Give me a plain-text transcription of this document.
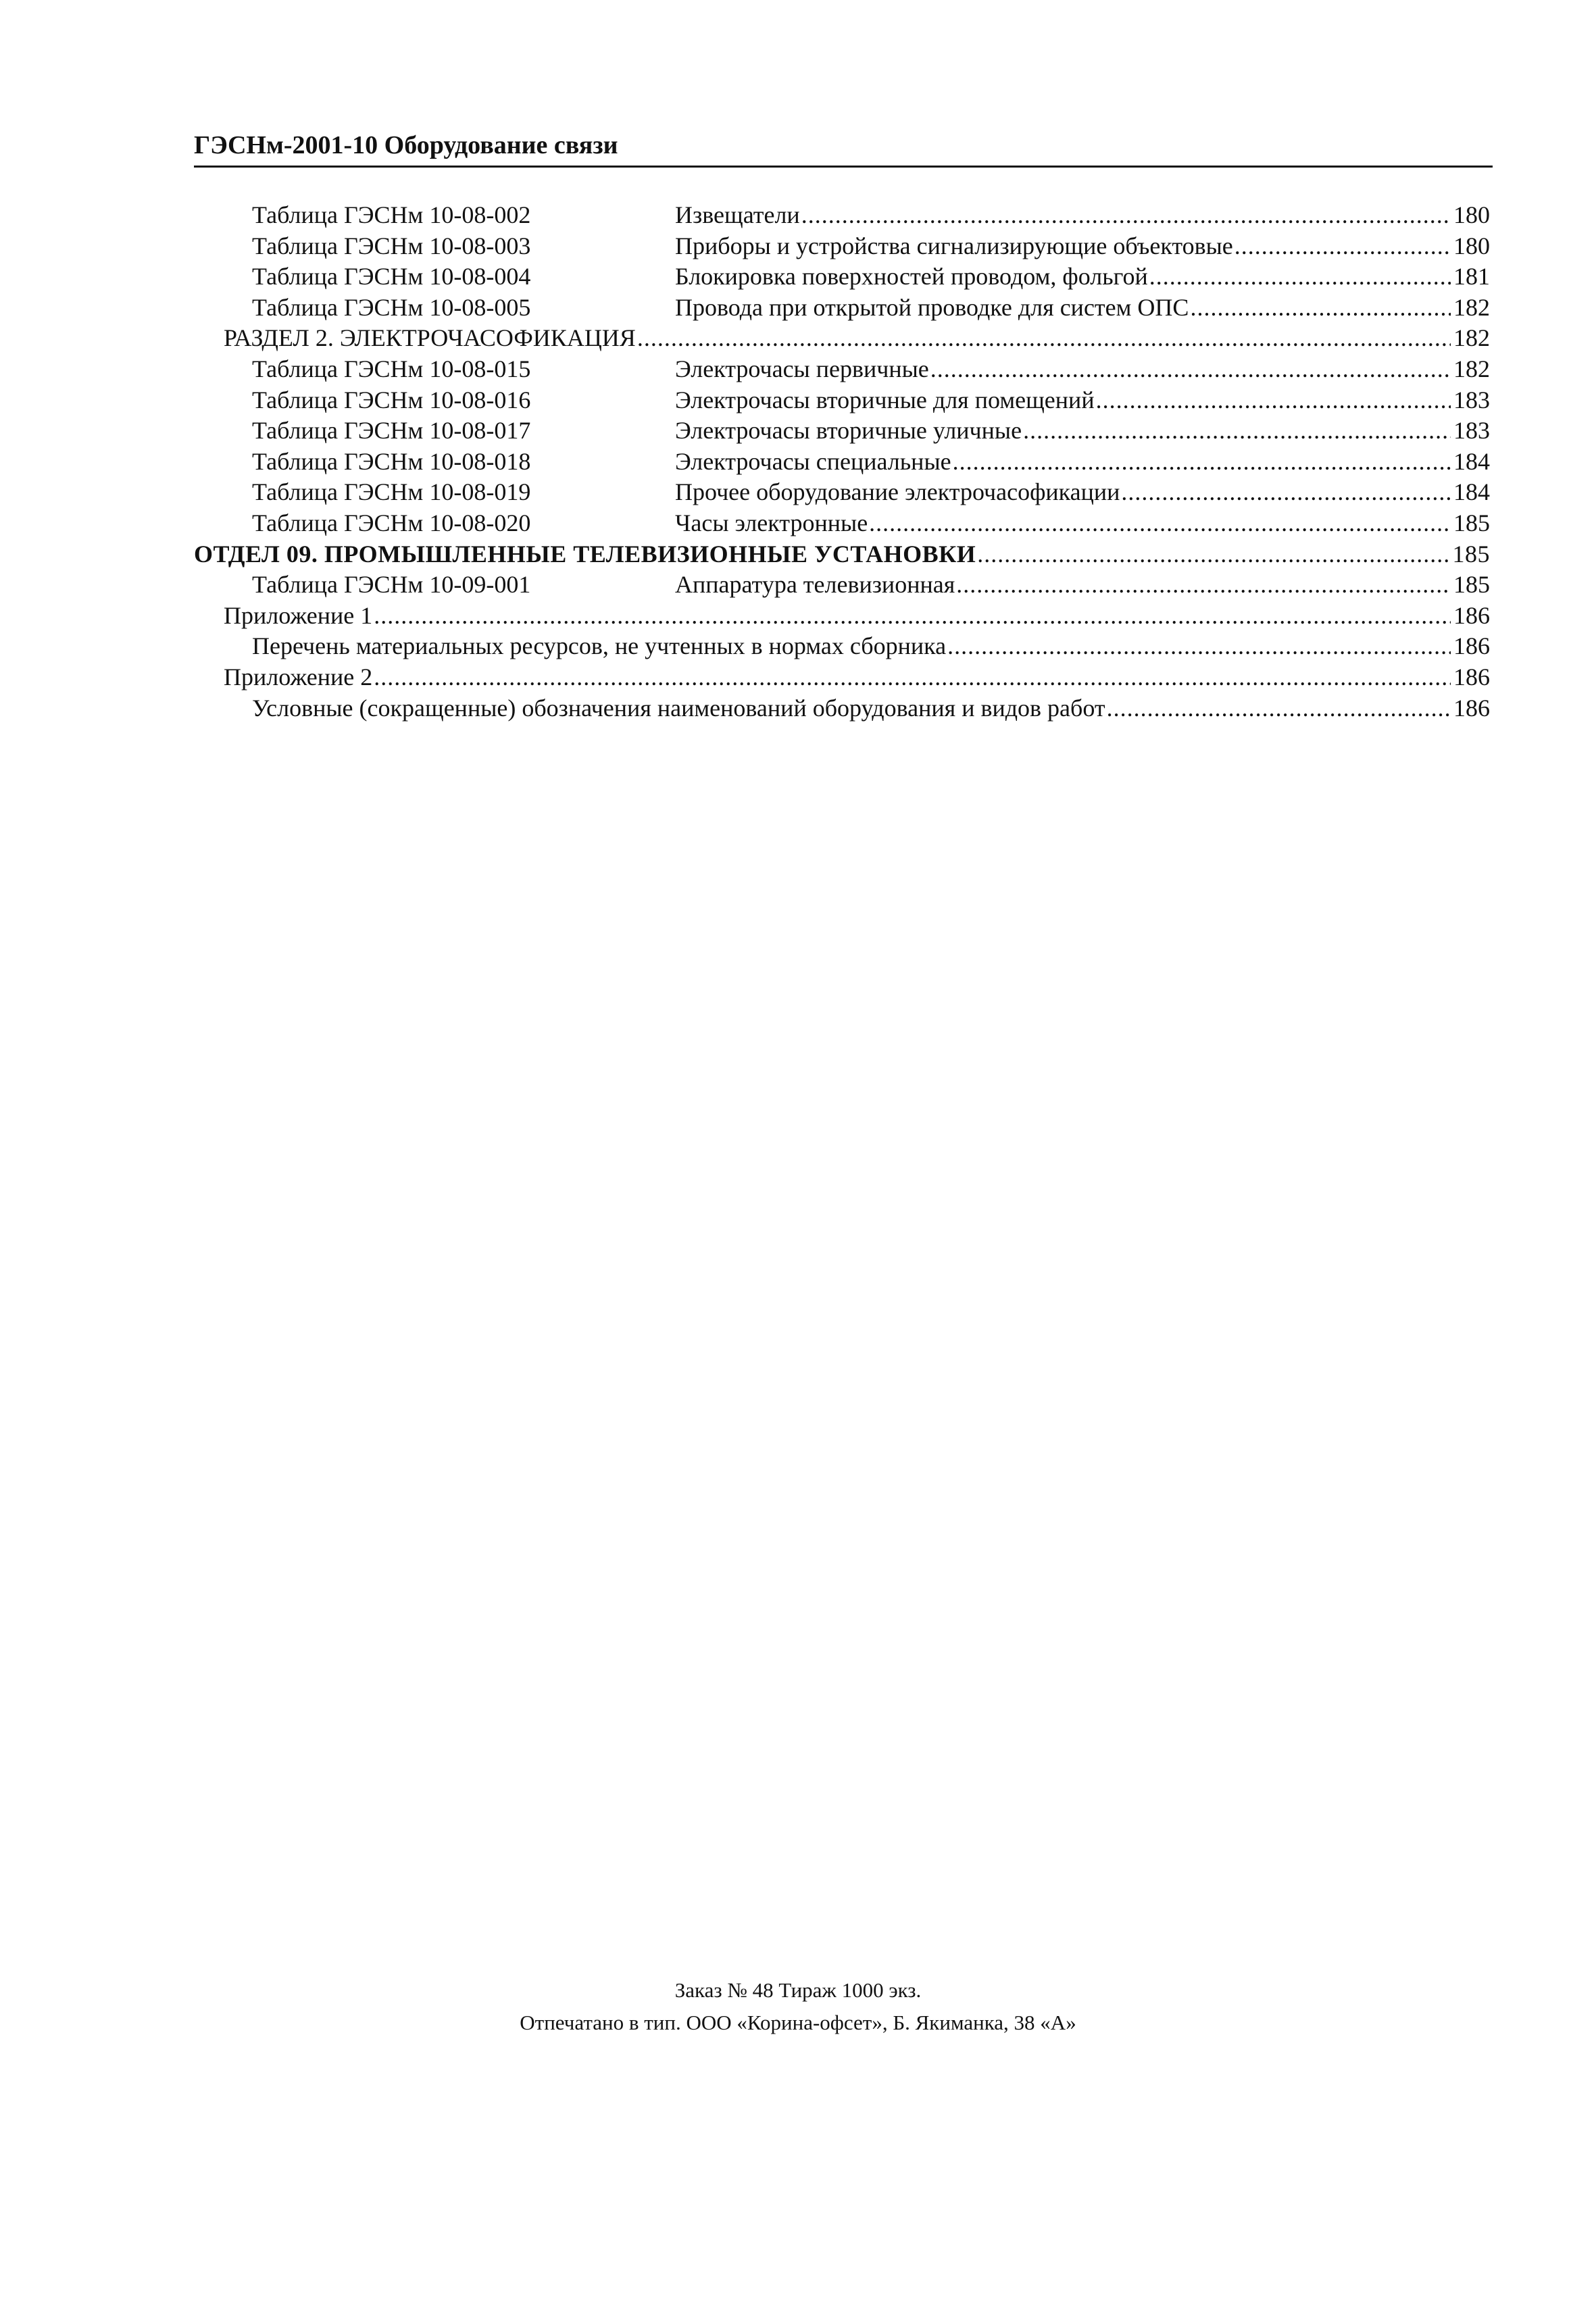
ГЭСНм-2001-10 Оборудование связи
Таблица ГЭСНм 10-08-002	Извещатели .....	180
Таблица ГЭСНм 10-08-003	Приборы и устройства сигнализирующие объектовые .....	180
Таблица ГЭСНм 10-08-004	Блокировка поверхностей проводом, фольгой .....	181
Таблица ГЭСНм 10-08-005	Провода при открытой проводке для систем ОПС .....	182
РАЗДЕЛ 2. ЭЛЕКТРОЧАСОФИКАЦИЯ .....	182
Таблица ГЭСНм 10-08-015	Электрочасы первичные .....	182
Таблица ГЭСНм 10-08-016	Электрочасы вторичные для помещений .....	183
Таблица ГЭСНм 10-08-017	Электрочасы вторичные уличные .....	183
Таблица ГЭСНм 10-08-018	Электрочасы специальные .....	184
Таблица ГЭСНм 10-08-019	Прочее оборудование электрочасофикации .....	184
Таблица ГЭСНм 10-08-020	Часы электронные .....	185
ОТДЕЛ 09. ПРОМЫШЛЕННЫЕ ТЕЛЕВИЗИОННЫЕ УСТАНОВКИ .....	185
Таблица ГЭСНм 10-09-001	Аппаратура телевизионная .....	185
Приложение 1 .....	186
Перечень материальных ресурсов, не учтенных в нормах сборника .....	186
Приложение 2 .....	186
Условные (сокращенные) обозначения наименований оборудования и видов работ .....	186
Заказ № 48 Тираж 1000 экз.
Отпечатано в тип. ООО «Корина-офсет», Б. Якиманка, 38 «А»
